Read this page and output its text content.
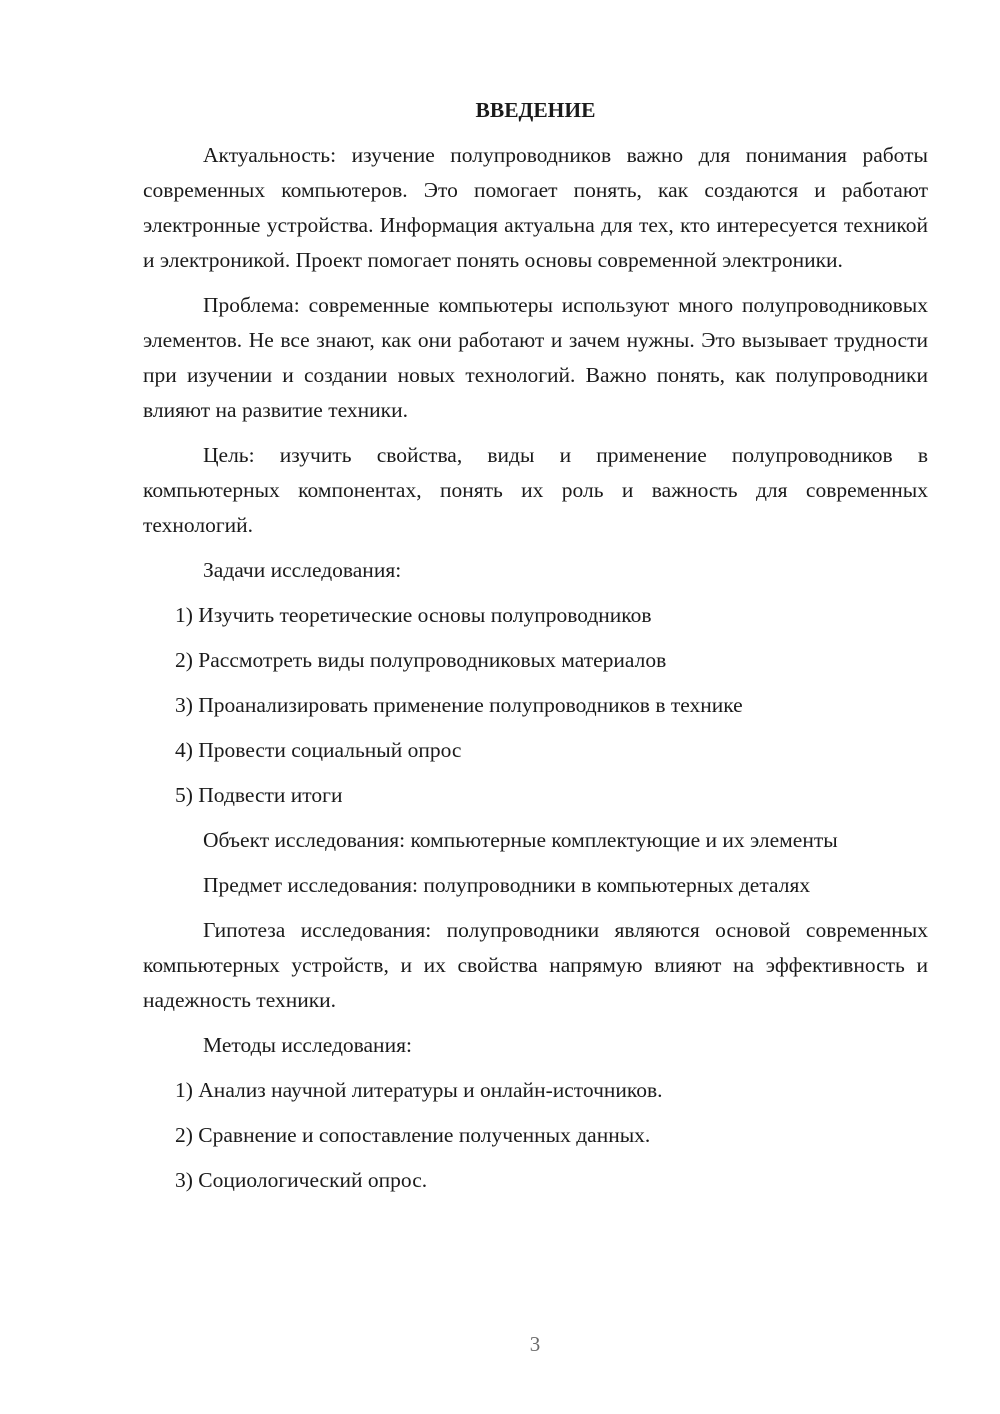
ВВЕДЕНИЕ

Актуальность: изучение полупроводников важно для понимания работы современных компьютеров. Это помогает понять, как создаются и работают электронные устройства. Информация актуальна для тех, кто интересуется техникой и электроникой. Проект помогает понять основы современной электроники.

Проблема: современные компьютеры используют много полупроводниковых элементов. Не все знают, как они работают и зачем нужны. Это вызывает трудности при изучении и создании новых технологий. Важно понять, как полупроводники влияют на развитие техники.

Цель: изучить свойства, виды и применение полупроводников в компьютерных компонентах, понять их роль и важность для современных технологий.

Задачи исследования:

1) Изучить теоретические основы полупроводников
2) Рассмотреть виды полупроводниковых материалов
3) Проанализировать применение полупроводников в технике
4) Провести социальный опрос
5) Подвести итоги

Объект исследования: компьютерные комплектующие и их элементы

Предмет исследования: полупроводники в компьютерных деталях

Гипотеза исследования: полупроводники являются основой современных компьютерных устройств, и их свойства напрямую влияют на эффективность и надежность техники.

Методы исследования:

1) Анализ научной литературы и онлайн-источников.
2) Сравнение и сопоставление полученных данных.
3) Социологический опрос.
3
